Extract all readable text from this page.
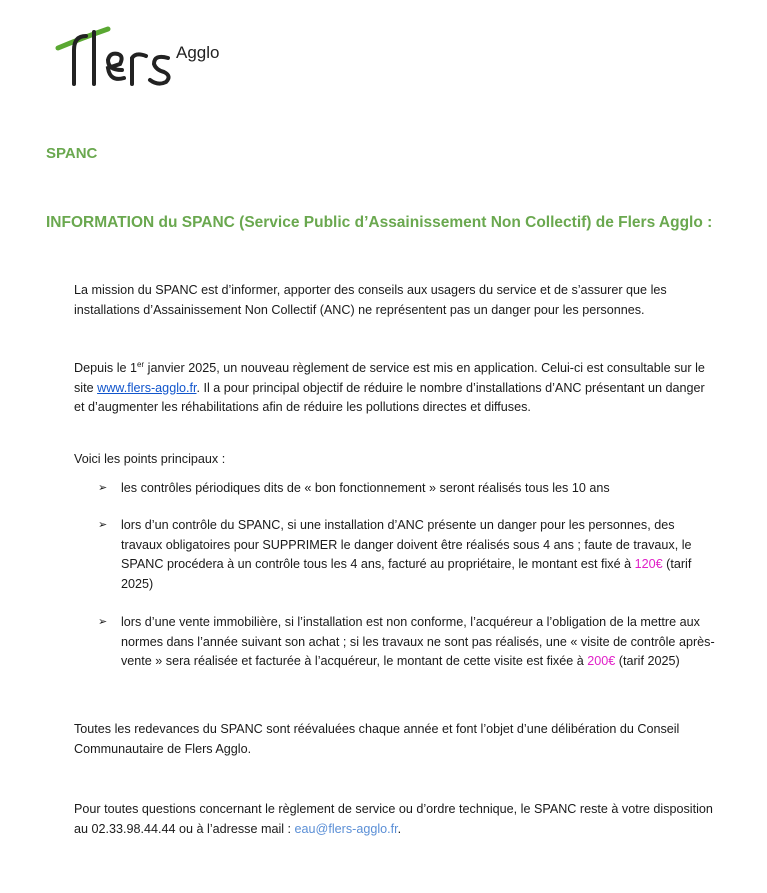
Agglo
SPANC
INFORMATION du SPANC (Service Public d’Assainissement Non Collectif) de Flers Agglo :
La mission du SPANC est d’informer, apporter des conseils aux usagers du service et de s’assurer que les installations d’Assainissement Non Collectif (ANC) ne représentent pas un danger pour les personnes.
Depuis le 1er janvier 2025, un nouveau règlement de service est mis en application. Celui-ci est consultable sur le site www.flers-agglo.fr. Il a pour principal objectif de réduire le nombre d’installations d’ANC présentant un danger et d’augmenter les réhabilitations afin de réduire les pollutions directes et diffuses.
Voici les points principaux :
➢	les contrôles périodiques dits de « bon fonctionnement » seront réalisés tous les 10 ans
➢	lors d’un contrôle du SPANC, si une installation d’ANC présente un danger pour les personnes, des travaux obligatoires pour SUPPRIMER le danger doivent être réalisés sous 4 ans ; faute de travaux, le SPANC procédera à un contrôle tous les 4 ans, facturé au propriétaire, le montant est fixé à 120€ (tarif 2025)
➢	lors d’une vente immobilière, si l’installation est non conforme, l’acquéreur a l’obligation de la mettre aux normes dans l’année suivant son achat ; si les travaux ne sont pas réalisés, une « visite de contrôle après-vente » sera réalisée et facturée à l’acquéreur, le montant de cette visite est fixée à 200€ (tarif 2025)
Toutes les redevances du SPANC sont réévaluées chaque année et font l’objet d’une délibération du Conseil Communautaire de Flers Agglo.
Pour toutes questions concernant le règlement de service ou d’ordre technique, le SPANC reste à votre disposition au 02.33.98.44.44 ou à l’adresse mail : eau@flers-agglo.fr.
